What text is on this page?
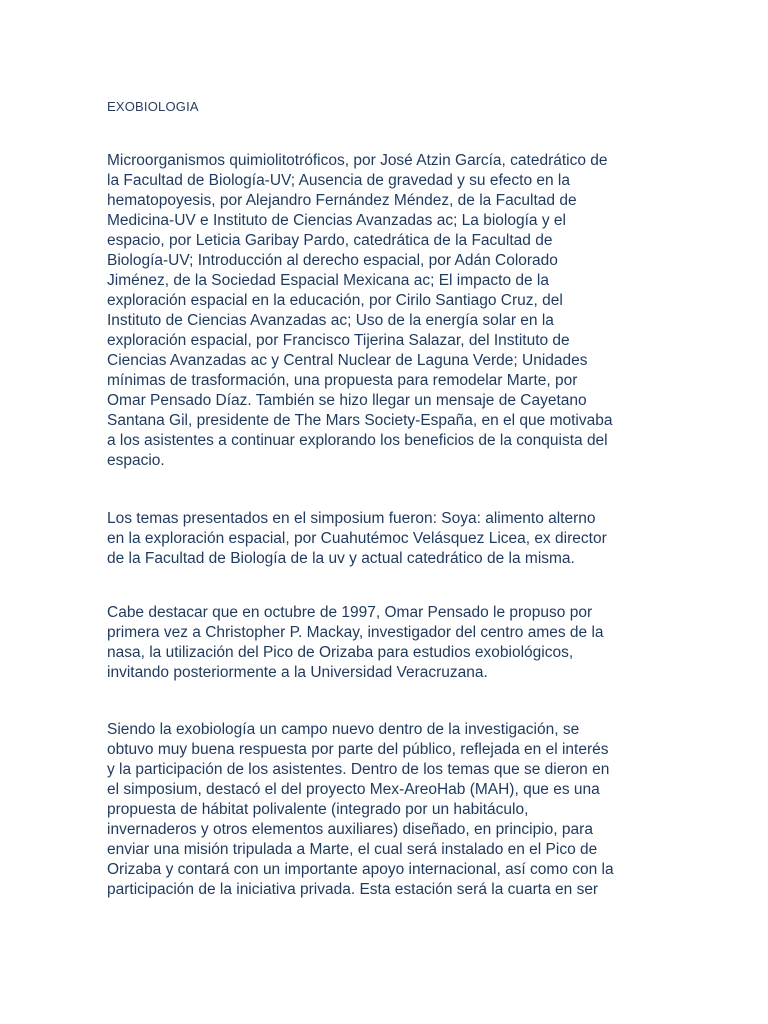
EXOBIOLOGIA

Microorganismos quimiolitotróficos, por José Atzin García, catedrático de
la Facultad de Biología-UV; Ausencia de gravedad y su efecto en la
hematopoyesis, por Alejandro Fernández Méndez, de la Facultad de
Medicina-UV e Instituto de Ciencias Avanzadas ac; La biología y el
espacio, por Leticia Garibay Pardo, catedrática de la Facultad de
Biología-UV; Introducción al derecho espacial, por Adán Colorado
Jiménez, de la Sociedad Espacial Mexicana ac; El impacto de la
exploración espacial en la educación, por Cirilo Santiago Cruz, del
Instituto de Ciencias Avanzadas ac; Uso de la energía solar en la
exploración espacial, por Francisco Tijerina Salazar, del Instituto de
Ciencias Avanzadas ac y Central Nuclear de Laguna Verde; Unidades
mínimas de trasformación, una propuesta para remodelar Marte, por
Omar Pensado Díaz. También se hizo llegar un mensaje de Cayetano
Santana Gil, presidente de The Mars Society-España, en el que motivaba
a los asistentes a continuar explorando los beneficios de la conquista del
espacio.

Los temas presentados en el simposium fueron: Soya: alimento alterno
en la exploración espacial, por Cuahutémoc Velásquez Licea, ex director
de la Facultad de Biología de la uv y actual catedrático de la misma.

Cabe destacar que en octubre de 1997, Omar Pensado le propuso por
primera vez a Christopher P. Mackay, investigador del centro ames de la
nasa, la utilización del Pico de Orizaba para estudios exobiológicos,
invitando posteriormente a la Universidad Veracruzana.

Siendo la exobiología un campo nuevo dentro de la investigación, se
obtuvo muy buena respuesta por parte del público, reflejada en el interés
y la participación de los asistentes. Dentro de los temas que se dieron en
el simposium, destacó el del proyecto Mex-AreoHab (MAH), que es una
propuesta de hábitat polivalente (integrado por un habitáculo,
invernaderos y otros elementos auxiliares) diseñado, en principio, para
enviar una misión tripulada a Marte, el cual será instalado en el Pico de
Orizaba y contará con un importante apoyo internacional, así como con la
participación de la iniciativa privada. Esta estación será la cuarta en ser
